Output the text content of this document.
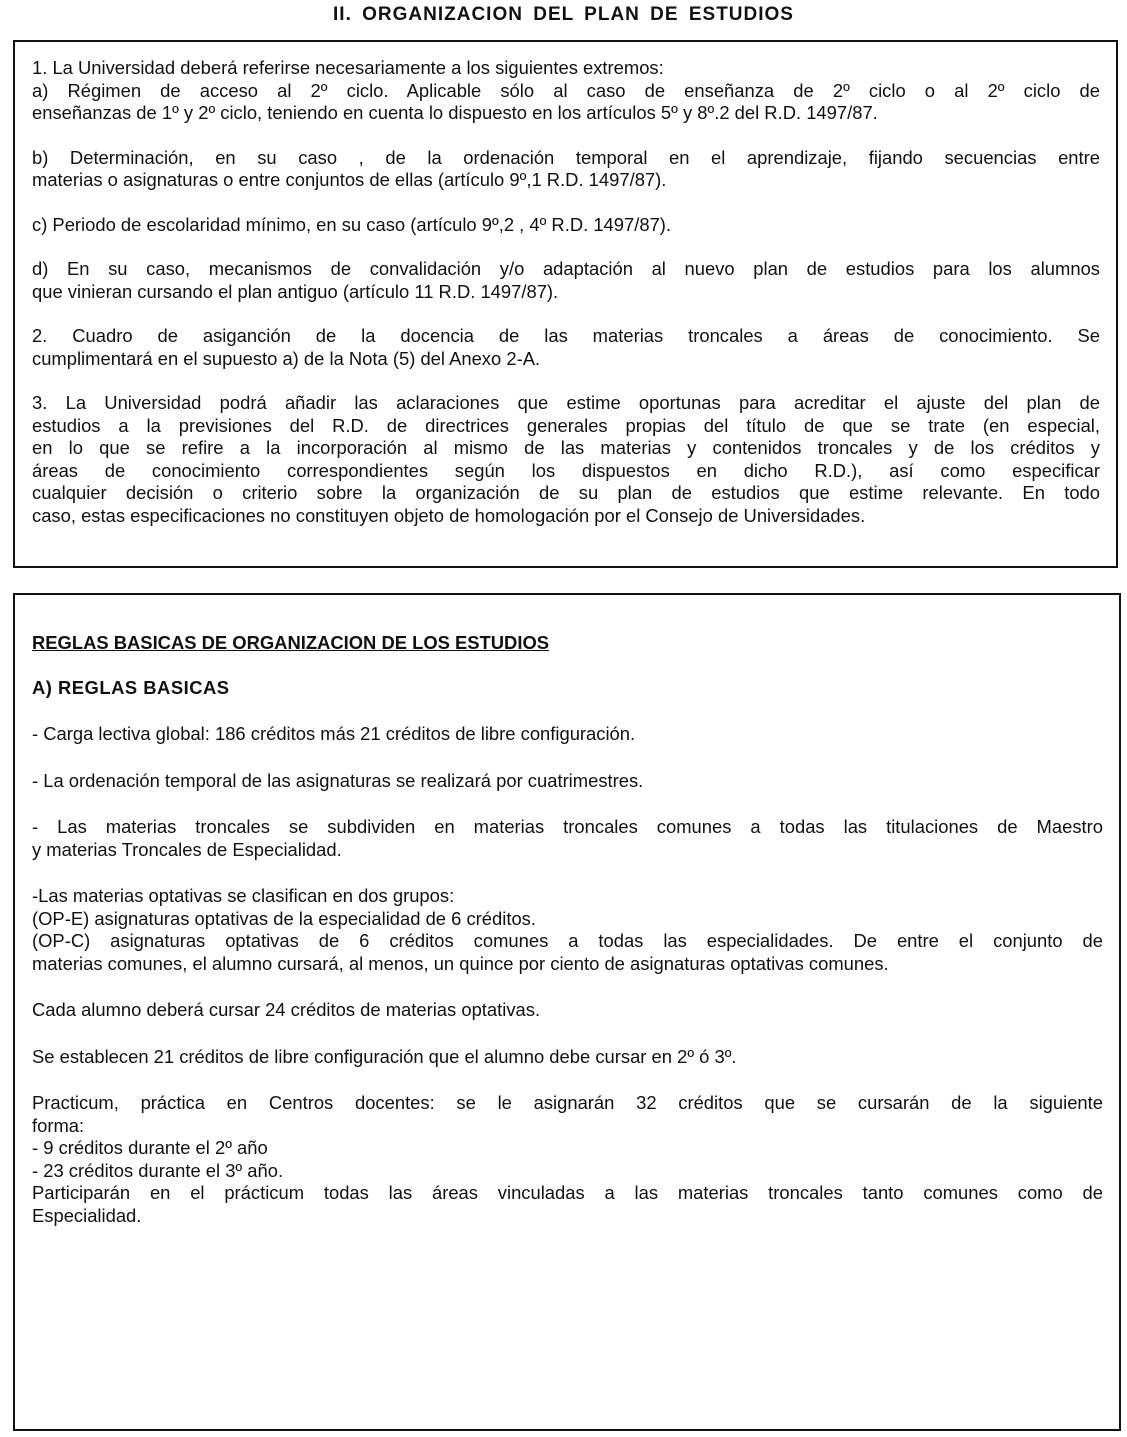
II. ORGANIZACION DEL PLAN DE ESTUDIOS

1. La Universidad deberá referirse necesariamente a los siguientes extremos:
a) Régimen de acceso al 2º ciclo. Aplicable sólo al caso de enseñanza de 2º ciclo o al 2º ciclo de
enseñanzas de 1º y 2º ciclo, teniendo en cuenta lo dispuesto en los artículos 5º y 8º.2 del R.D. 1497/87.

b) Determinación, en su caso , de la ordenación temporal en el aprendizaje, fijando secuencias entre
materias o asignaturas o entre conjuntos de ellas (artículo 9º,1 R.D. 1497/87).

c) Periodo de escolaridad mínimo, en su caso (artículo 9º,2 , 4º R.D. 1497/87).

d) En su caso, mecanismos de convalidación y/o adaptación al nuevo plan de estudios para los alumnos
que vinieran cursando el plan antiguo (artículo 11 R.D. 1497/87).

2. Cuadro de asiganción de la docencia de las materias troncales a áreas de conocimiento. Se
cumplimentará en el supuesto a) de la Nota (5) del Anexo 2-A.

3. La Universidad podrá añadir las aclaraciones que estime oportunas para acreditar el ajuste del plan de
estudios a la previsiones del R.D. de directrices generales propias del título de que se trate (en especial,
en lo que se refire a la incorporación al mismo de las materias y contenidos troncales y de los créditos y
áreas de conocimiento correspondientes según los dispuestos en dicho R.D.), así como especificar
cualquier decisión o criterio sobre la organización de su plan de estudios que estime relevante. En todo
caso, estas especificaciones no constituyen objeto de homologación por el Consejo de Universidades.

REGLAS BASICAS DE ORGANIZACION DE LOS ESTUDIOS
A) REGLAS BASICAS

- Carga lectiva global: 186 créditos más 21 créditos de libre configuración.

- La ordenación temporal de las asignaturas se realizará por cuatrimestres.

- Las materias troncales se subdividen en materias troncales comunes a todas las titulaciones de Maestro
y materias Troncales de Especialidad.

-Las materias optativas se clasifican en dos grupos:
(OP-E) asignaturas optativas de la especialidad de 6 créditos.
(OP-C) asignaturas optativas de 6 créditos comunes a todas las especialidades. De entre el conjunto de
materias comunes, el alumno cursará, al menos, un quince por ciento de asignaturas optativas comunes.

Cada alumno deberá cursar 24 créditos de materias optativas.

Se establecen 21 créditos de libre configuración que el alumno debe cursar en 2º ó 3º.

Practicum, práctica en Centros docentes: se le asignarán 32 créditos que se cursarán de la siguiente
forma:
- 9 créditos durante el 2º año
- 23 créditos durante el 3º año.
Participarán en el prácticum todas las áreas vinculadas a las materias troncales tanto comunes como de
Especialidad.
